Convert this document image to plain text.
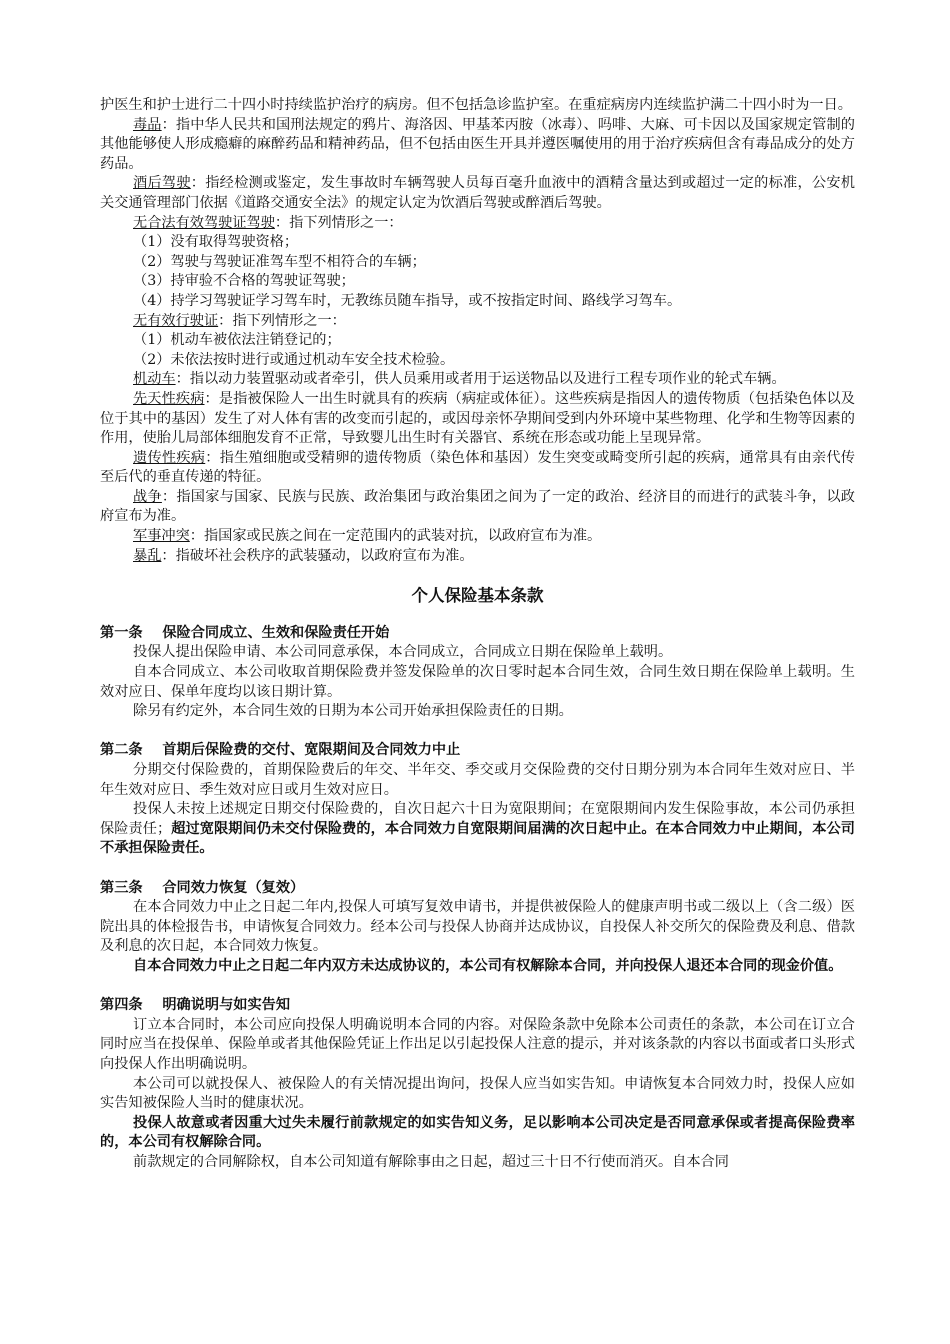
护医生和护士进行二十四小时持续监护治疗的病房。但不包括急诊监护室。在重症病房内连续监护满二十四小时为一日。

毒品：指中华人民共和国刑法规定的鸦片、海洛因、甲基苯丙胺（冰毒）、吗啡、大麻、可卡因以及国家规定管制的其他能够使人形成瘾癖的麻醉药品和精神药品，但不包括由医生开具并遵医嘱使用的用于治疗疾病但含有毒品成分的处方药品。

酒后驾驶：指经检测或鉴定，发生事故时车辆驾驶人员每百毫升血液中的酒精含量达到或超过一定的标准，公安机关交通管理部门依据《道路交通安全法》的规定认定为饮酒后驾驶或醉酒后驾驶。

无合法有效驾驶证驾驶：指下列情形之一：

（1）没有取得驾驶资格；

（2）驾驶与驾驶证准驾车型不相符合的车辆；

（3）持审验不合格的驾驶证驾驶；

（4）持学习驾驶证学习驾车时，无教练员随车指导，或不按指定时间、路线学习驾车。

无有效行驶证：指下列情形之一：

（1）机动车被依法注销登记的；

（2）未依法按时进行或通过机动车安全技术检验。

机动车：指以动力装置驱动或者牵引，供人员乘用或者用于运送物品以及进行工程专项作业的轮式车辆。

先天性疾病：是指被保险人一出生时就具有的疾病（病症或体征）。这些疾病是指因人的遗传物质（包括染色体以及位于其中的基因）发生了对人体有害的改变而引起的，或因母亲怀孕期间受到内外环境中某些物理、化学和生物等因素的作用，使胎儿局部体细胞发育不正常，导致婴儿出生时有关器官、系统在形态或功能上呈现异常。

遗传性疾病：指生殖细胞或受精卵的遗传物质（染色体和基因）发生突变或畸变所引起的疾病，通常具有由亲代传至后代的垂直传递的特征。

战争：指国家与国家、民族与民族、政治集团与政治集团之间为了一定的政治、经济目的而进行的武装斗争，以政府宣布为准。

军事冲突：指国家或民族之间在一定范围内的武装对抗，以政府宣布为准。

暴乱：指破坏社会秩序的武装骚动，以政府宣布为准。

个人保险基本条款

第一条    保险合同成立、生效和保险责任开始

投保人提出保险申请、本公司同意承保，本合同成立，合同成立日期在保险单上载明。

自本合同成立、本公司收取首期保险费并签发保险单的次日零时起本合同生效，合同生效日期在保险单上载明。生效对应日、保单年度均以该日期计算。

除另有约定外，本合同生效的日期为本公司开始承担保险责任的日期。

第二条    首期后保险费的交付、宽限期间及合同效力中止

分期交付保险费的，首期保险费后的年交、半年交、季交或月交保险费的交付日期分别为本合同年生效对应日、半年生效对应日、季生效对应日或月生效对应日。

投保人未按上述规定日期交付保险费的，自次日起六十日为宽限期间；在宽限期间内发生保险事故，本公司仍承担保险责任；超过宽限期间仍未交付保险费的，本合同效力自宽限期间届满的次日起中止。在本合同效力中止期间，本公司不承担保险责任。

第三条    合同效力恢复（复效）

在本合同效力中止之日起二年内,投保人可填写复效申请书，并提供被保险人的健康声明书或二级以上（含二级）医院出具的体检报告书，申请恢复合同效力。经本公司与投保人协商并达成协议，自投保人补交所欠的保险费及利息、借款及利息的次日起，本合同效力恢复。

自本合同效力中止之日起二年内双方未达成协议的，本公司有权解除本合同，并向投保人退还本合同的现金价值。

第四条    明确说明与如实告知

订立本合同时，本公司应向投保人明确说明本合同的内容。对保险条款中免除本公司责任的条款，本公司在订立合同时应当在投保单、保险单或者其他保险凭证上作出足以引起投保人注意的提示，并对该条款的内容以书面或者口头形式向投保人作出明确说明。

本公司可以就投保人、被保险人的有关情况提出询问，投保人应当如实告知。申请恢复本合同效力时，投保人应如实告知被保险人当时的健康状况。

投保人故意或者因重大过失未履行前款规定的如实告知义务，足以影响本公司决定是否同意承保或者提高保险费率的，本公司有权解除合同。

前款规定的合同解除权，自本公司知道有解除事由之日起，超过三十日不行使而消灭。自本合同
